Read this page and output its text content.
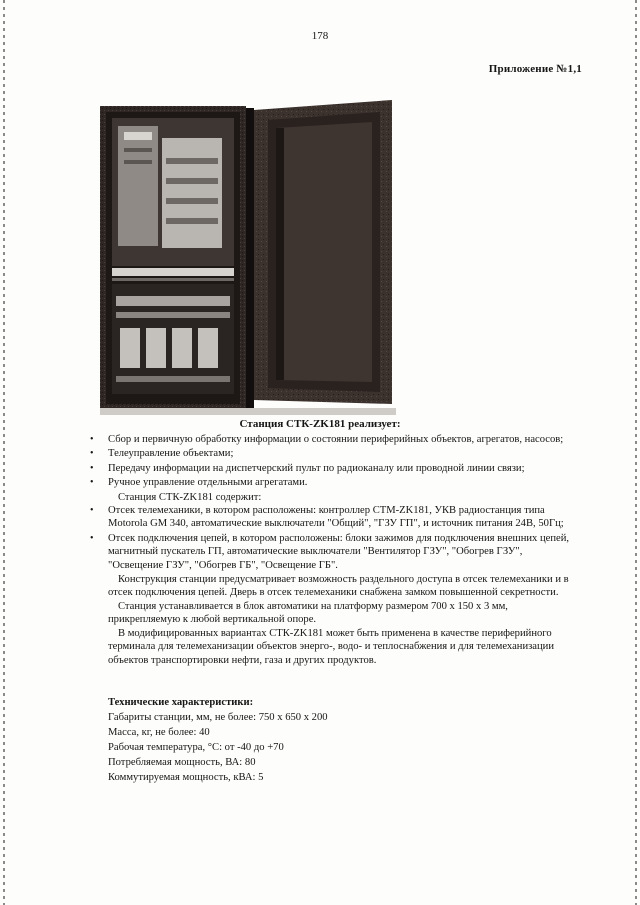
178
Приложение №1,1
Станция СТК-ZK181 реализует:
• Сбор и первичную обработку информации о состоянии периферийных объектов, агрегатов, насосов;
• Телеуправление объектами;
• Передачу информации на диспетчерский пульт по радиоканалу или проводной линии связи;
• Ручное управление отдельными агрегатами.

Станция СТК-ZK181 содержит:

• Отсек телемеханики, в котором расположены: контроллер CTM-ZK181, УКВ радиостанция типа Motorola GM 340, автоматические выключатели "Общий", "ГЗУ ГП", и источник питания 24В, 50Гц;
• Отсек подключения цепей, в котором расположены: блоки зажимов для подключения внешних цепей, магнитный пускатель ГП, автоматические выключатели "Вентилятор ГЗУ", "Обогрев ГЗУ", "Освещение ГЗУ", "Обогрев ГБ", "Освещение ГБ".

Конструкция станции предусматривает возможность раздельного доступа в отсек телемеханики и в отсек подключения цепей. Дверь в отсек телемеханики снабжена замком повышенной секретности.

Станция устанавливается в блок автоматики на платформу размером 700 х 150 х 3 мм, прикрепляемую к любой вертикальной опоре.

В модифицированных вариантах СТК-ZK181 может быть применена в качестве периферийного терминала для телемеханизации объектов энерго-, водо- и теплоснабжения и для телемеханизации объектов транспортировки нефти, газа и других продуктов.

Технические характеристики:
Габариты станции, мм, не более: 750 х 650 х 200
Масса, кг, не более: 40
Рабочая температура, °С: от -40 до +70
Потребляемая мощность, ВА: 80
Коммутируемая мощность, кВА: 5
